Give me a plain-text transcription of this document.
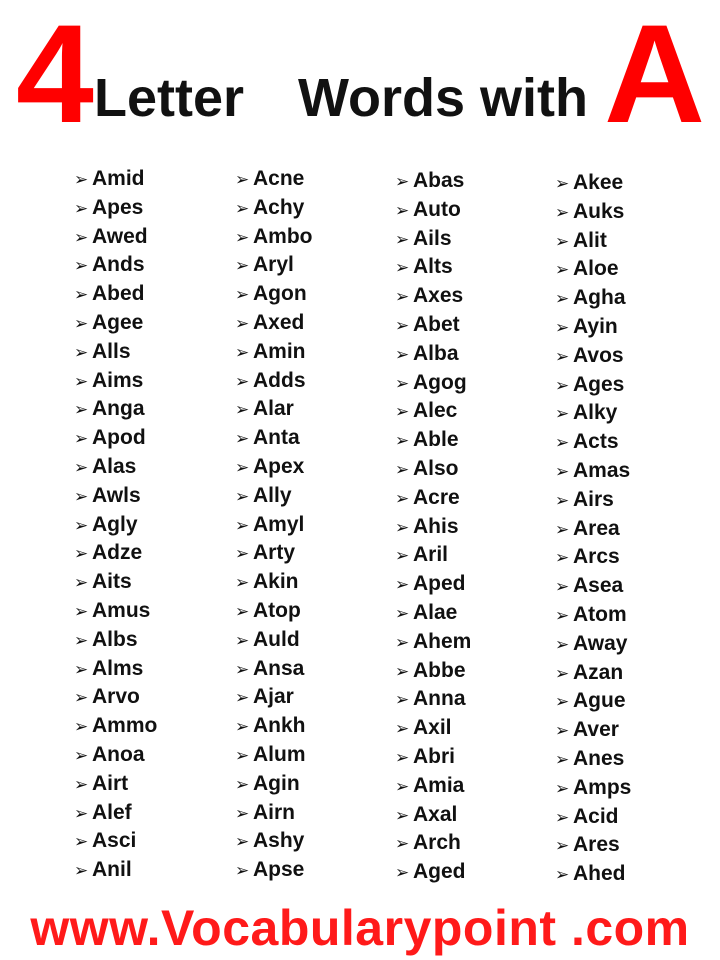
4 Letter Words with A
➢ Amid
➢ Apes
➢ Awed
➢ Ands
➢ Abed
➢ Agee
➢ Alls
➢ Aims
➢ Anga
➢ Apod
➢ Alas
➢ Awls
➢ Agly
➢ Adze
➢ Aits
➢ Amus
➢ Albs
➢ Alms
➢ Arvo
➢ Ammo
➢ Anoa
➢ Airt
➢ Alef
➢ Asci
➢ Anil
➢ Acne
➢ Achy
➢ Ambo
➢ Aryl
➢ Agon
➢ Axed
➢ Amin
➢ Adds
➢ Alar
➢ Anta
➢ Apex
➢ Ally
➢ Amyl
➢ Arty
➢ Akin
➢ Atop
➢ Auld
➢ Ansa
➢ Ajar
➢ Ankh
➢ Alum
➢ Agin
➢ Airn
➢ Ashy
➢ Apse
➢ Abas
➢ Auto
➢ Ails
➢ Alts
➢ Axes
➢ Abet
➢ Alba
➢ Agog
➢ Alec
➢ Able
➢ Also
➢ Acre
➢ Ahis
➢ Aril
➢ Aped
➢ Alae
➢ Ahem
➢ Abbe
➢ Anna
➢ Axil
➢ Abri
➢ Amia
➢ Axal
➢ Arch
➢ Aged
➢ Akee
➢ Auks
➢ Alit
➢ Aloe
➢ Agha
➢ Ayin
➢ Avos
➢ Ages
➢ Alky
➢ Acts
➢ Amas
➢ Airs
➢ Area
➢ Arcs
➢ Asea
➢ Atom
➢ Away
➢ Azan
➢ Ague
➢ Aver
➢ Anes
➢ Amps
➢ Acid
➢ Ares
➢ Ahed
www.Vocabularypoint .com
